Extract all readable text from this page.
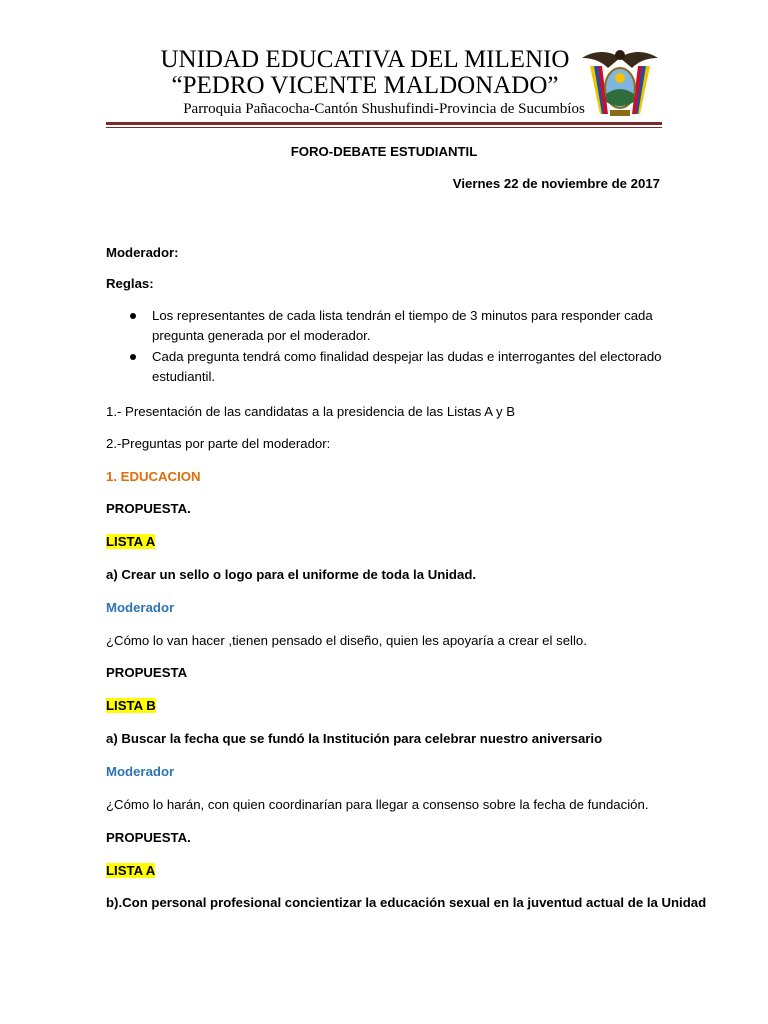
UNIDAD EDUCATIVA DEL MILENIO
“PEDRO VICENTE MALDONADO”
Parroquia Pañacocha-Cantón Shushufindi-Provincia de Sucumbíos
FORO-DEBATE ESTUDIANTIL
Viernes 22 de noviembre de 2017
Moderador:
Reglas:
Los representantes de cada lista tendrán el tiempo de 3 minutos para responder cada pregunta generada por el moderador.
Cada pregunta tendrá como finalidad despejar las dudas e interrogantes del electorado estudiantil.
1.- Presentación de las candidatas a la presidencia de las Listas A y B
2.-Preguntas por parte del moderador:
1. EDUCACION
PROPUESTA.
LISTA A
a) Crear un sello o logo para el uniforme de toda la Unidad.
Moderador
¿Cómo lo van hacer ,tienen pensado el diseño, quien les apoyaría a crear el sello.
PROPUESTA
LISTA B
a) Buscar la fecha que se fundó la Institución para celebrar nuestro aniversario
Moderador
¿Cómo lo harán, con quien coordinarían para llegar a consenso sobre la fecha de fundación.
PROPUESTA.
LISTA A
b).Con personal profesional concientizar la educación sexual en la juventud actual de la Unidad
